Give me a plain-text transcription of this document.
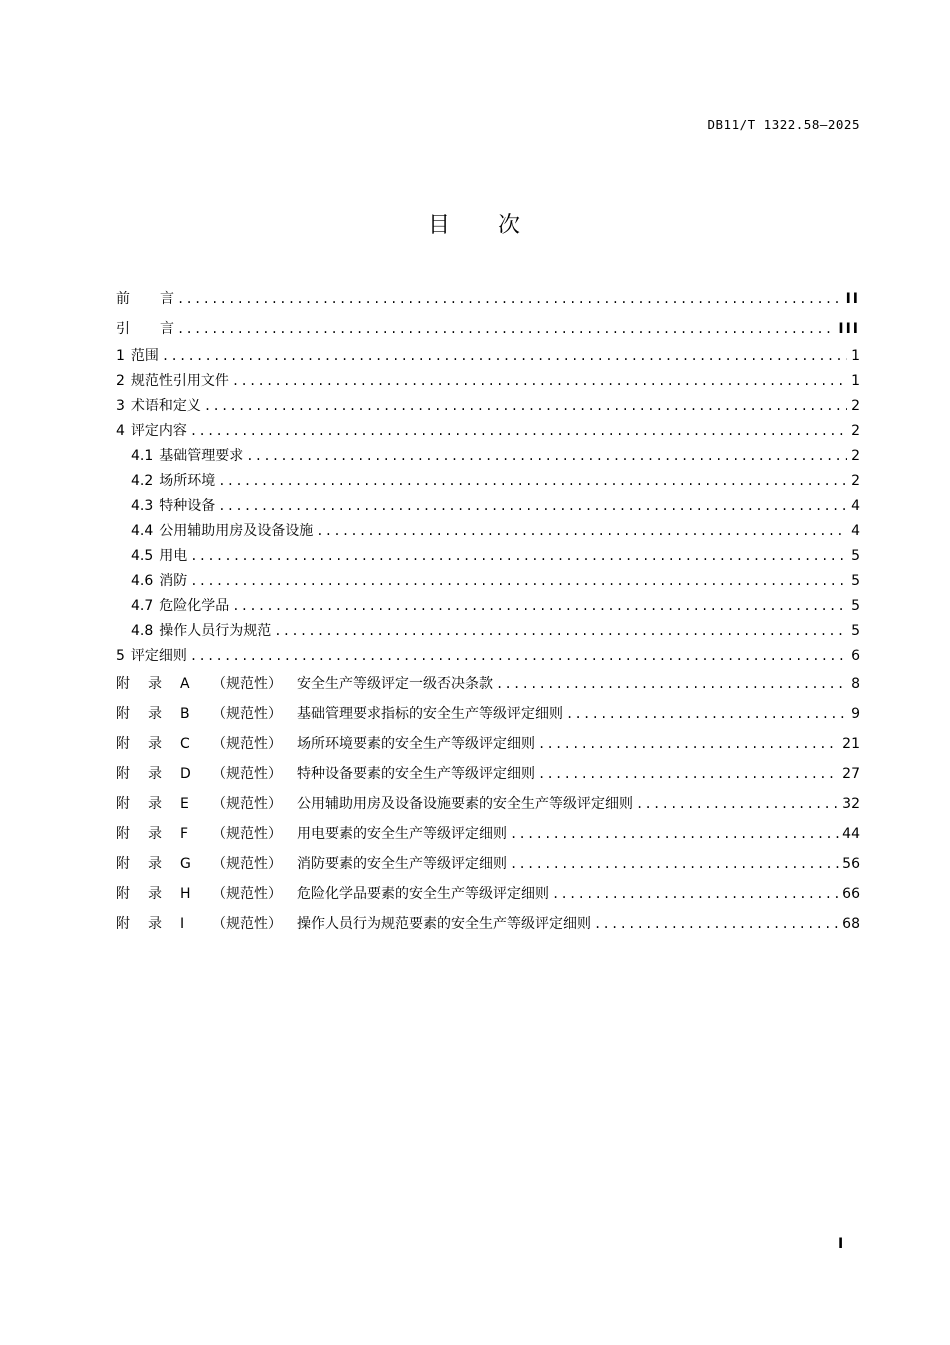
DB11/T 1322.58—2025
目 次
前 言 .....	II
引 言 .....	III
1 范围 .....	1
2 规范性引用文件 .....	1
3 术语和定义 .....	2
4 评定内容 .....	2
4.1 基础管理要求 .....	2
4.2 场所环境 .....	2
4.3 特种设备 .....	4
4.4 公用辅助用房及设备设施 .....	4
4.5 用电 .....	5
4.6 消防 .....	5
4.7 危险化学品 .....	5
4.8 操作人员行为规范 .....	5
5 评定细则 .....	6
附	录	A	（规范性）	安全生产等级评定一级否决条款 .....	8
附	录	B	（规范性）	基础管理要求指标的安全生产等级评定细则 .....	9
附	录	C	（规范性）	场所环境要素的安全生产等级评定细则 .....	21
附	录	D	（规范性）	特种设备要素的安全生产等级评定细则 .....	27
附	录	E	（规范性）	公用辅助用房及设备设施要素的安全生产等级评定细则 .....	32
附	录	F	（规范性）	用电要素的安全生产等级评定细则 .....	44
附	录	G	（规范性）	消防要素的安全生产等级评定细则 .....	56
附	录	H	（规范性）	危险化学品要素的安全生产等级评定细则 .....	66
附	录	I	（规范性）	操作人员行为规范要素的安全生产等级评定细则 .....	68
I
